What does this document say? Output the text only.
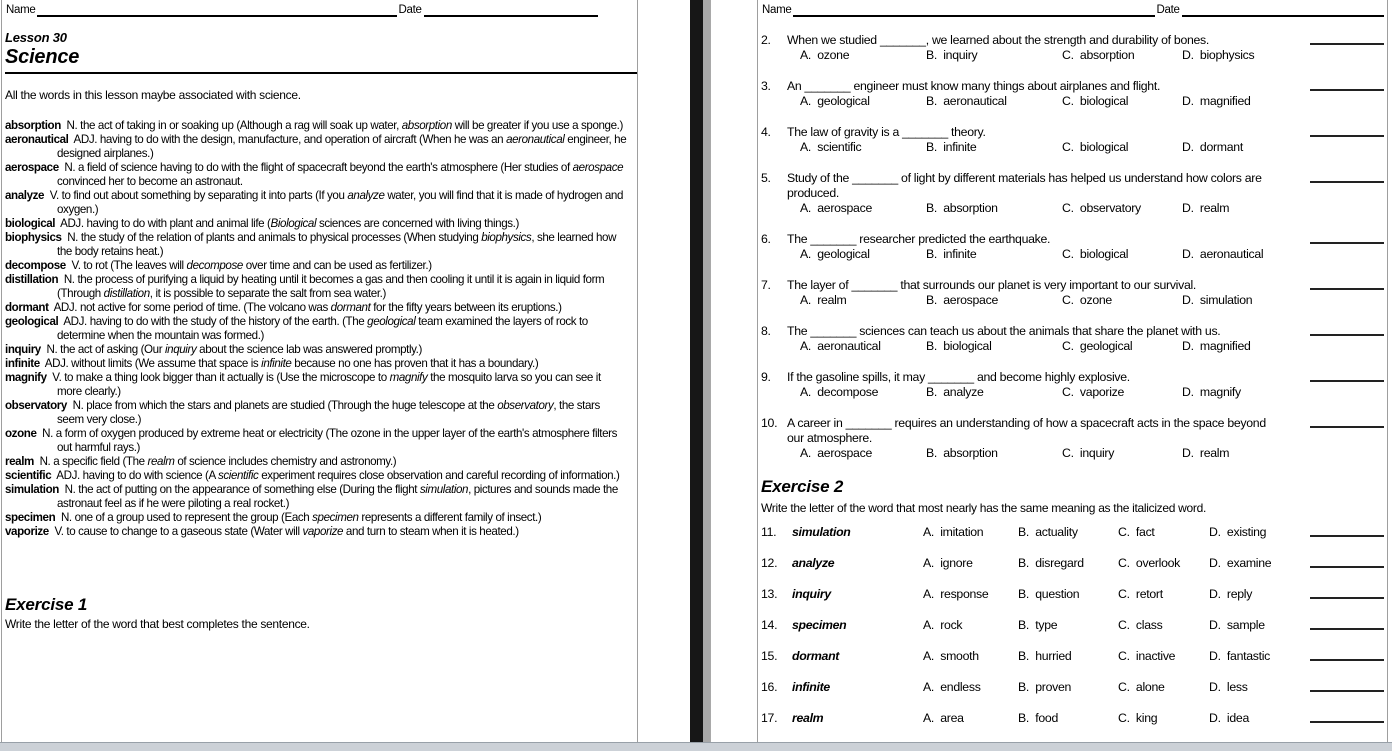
Name	Date
Lesson 30
Science
All the words in this lesson maybe associated with science.
absorption  N. the act of taking in or soaking up (Although a rag will soak up water, absorption will be greater if you use a sponge.)
aeronautical  ADJ. having to do with the design, manufacture, and operation of aircraft (When he was an aeronautical engineer, he designed airplanes.)
aerospace  N. a field of science having to do with the flight of spacecraft beyond the earth's atmosphere (Her studies of aerospace convinced her to become an astronaut.
analyze  V. to find out about something by separating it into parts (If you analyze water, you will find that it is made of hydrogen and oxygen.)
biological  ADJ. having to do with plant and animal life (Biological sciences are concerned with living things.)
biophysics  N. the study of the relation of plants and animals to physical processes (When studying biophysics, she learned how the body retains heat.)
decompose  V. to rot (The leaves will decompose over time and can be used as fertilizer.)
distillation  N. the process of purifying a liquid by heating until it becomes a gas and then cooling it until it is again in liquid form (Through distillation, it is possible to separate the salt from sea water.)
dormant  ADJ. not active for some period of time. (The volcano was dormant for the fifty years between its eruptions.)
geological  ADJ. having to do with the study of the history of the earth. (The geological team examined the layers of rock to determine when the mountain was formed.)
inquiry  N. the act of asking (Our inquiry about the science lab was answered promptly.)
infinite  ADJ. without limits (We assume that space is infinite because no one has proven that it has a boundary.)
magnify  V. to make a thing look bigger than it actually is (Use the microscope to magnify the mosquito larva so you can see it more clearly.)
observatory  N. place from which the stars and planets are studied (Through the huge telescope at the observatory, the stars seem very close.)
ozone  N. a form of oxygen produced by extreme heat or electricity (The ozone in the upper layer of the earth's atmosphere filters out harmful rays.)
realm  N. a specific field (The realm of science includes chemistry and astronomy.)
scientific  ADJ. having to do with science (A scientific experiment requires close observation and careful recording of information.)
simulation  N. the act of putting on the appearance of something else (During the flight simulation, pictures and sounds made the astronaut feel as if he were piloting a real rocket.)
specimen  N. one of a group used to represent the group (Each specimen represents a different family of insect.)
vaporize  V. to cause to change to a gaseous state (Water will vaporize and turn to steam when it is heated.)
Exercise 1
Write the letter of the word that best completes the sentence.
Name	Date
2.	When we studied _______, we learned about the strength and durability of bones.
A.  ozone	B.  inquiry	C.  absorption	D.  biophysics
3.	An _______ engineer must know many things about airplanes and flight.
A.  geological	B.  aeronautical	C.  biological	D.  magnified
4.	The law of gravity is a _______ theory.
A.  scientific	B.  infinite	C.  biological	D.  dormant
5.	Study of the _______ of light by different materials has helped us understand how colors are produced.
A.  aerospace	B.  absorption	C.  observatory	D.  realm
6.	The _______ researcher predicted the earthquake.
A.  geological	B.  infinite	C.  biological	D.  aeronautical
7.	The layer of _______ that surrounds our planet is very important to our survival.
A.  realm	B.  aerospace	C.  ozone	D.  simulation
8.	The _______ sciences can teach us about the animals that share the planet with us.
A.  aeronautical	B.  biological	C.  geological	D.  magnified
9.	If the gasoline spills, it may _______ and become highly explosive.
A.  decompose	B.  analyze	C.  vaporize	D.  magnify
10. A career in _______ requires an understanding of how a spacecraft acts in the space beyond our atmosphere.
A.  aerospace	B.  absorption	C.  inquiry	D.  realm
Exercise 2
Write the letter of the word that most nearly has the same meaning as the italicized word.
11.	simulation	A.  imitation	B.  actuality	C.  fact	D.  existing
12.	analyze	A.  ignore	B.  disregard	C.  overlook	D.  examine
13.	inquiry	A.  response	B.  question	C.  retort	D.  reply
14.	specimen	A.  rock	B.  type	C.  class	D.  sample
15.	dormant	A.  smooth	B.  hurried	C.  inactive	D.  fantastic
16.	infinite	A.  endless	B.  proven	C.  alone	D.  less
17.	realm	A.  area	B.  food	C.  king	D.  idea
